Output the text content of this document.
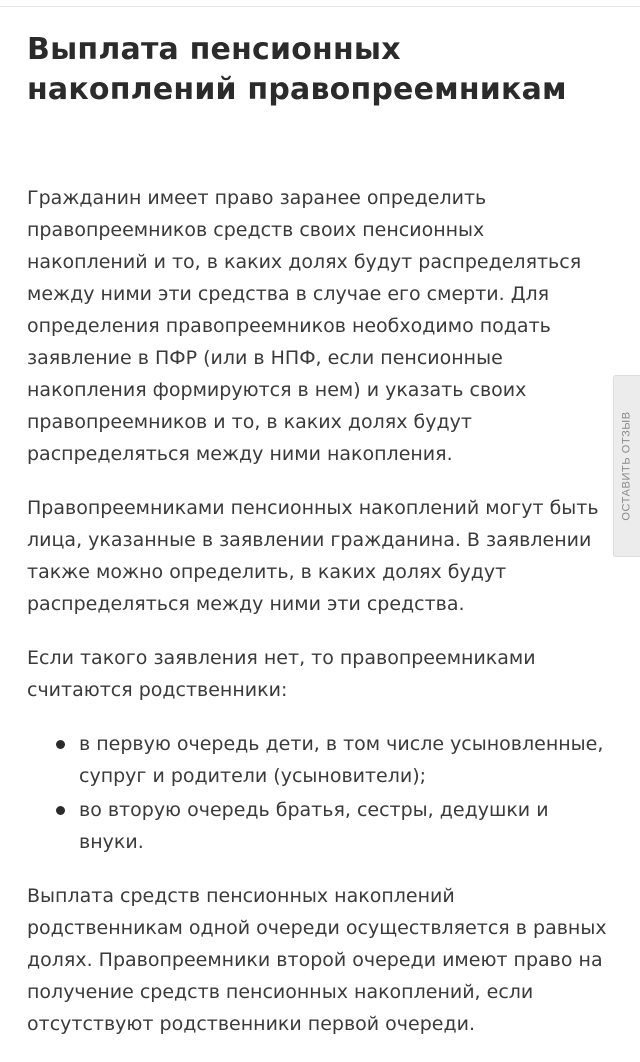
Выплата пенсионных накоплений правопреемникам

Гражданин имеет право заранее определить правопреемников средств своих пенсионных накоплений и то, в каких долях будут распределяться между ними эти средства в случае его смерти. Для определения правопреемников необходимо подать заявление в ПФР (или в НПФ, если пенсионные накопления формируются в нем) и указать своих правопреемников и то, в каких долях будут распределяться между ними накопления.

Правопреемниками пенсионных накоплений могут быть лица, указанные в заявлении гражданина. В заявлении также можно определить, в каких долях будут распределяться между ними эти средства.

Если такого заявления нет, то правопреемниками считаются родственники:

в первую очередь дети, в том числе усыновленные, супруг и родители (усыновители);
во вторую очередь братья, сестры, дедушки и внуки.

Выплата средств пенсионных накоплений родственникам одной очереди осуществляется в равных долях. Правопреемники второй очереди имеют право на получение средств пенсионных накоплений, если отсутствуют родственники первой очереди.

ОСТАВИТЬ ОТЗЫВ
